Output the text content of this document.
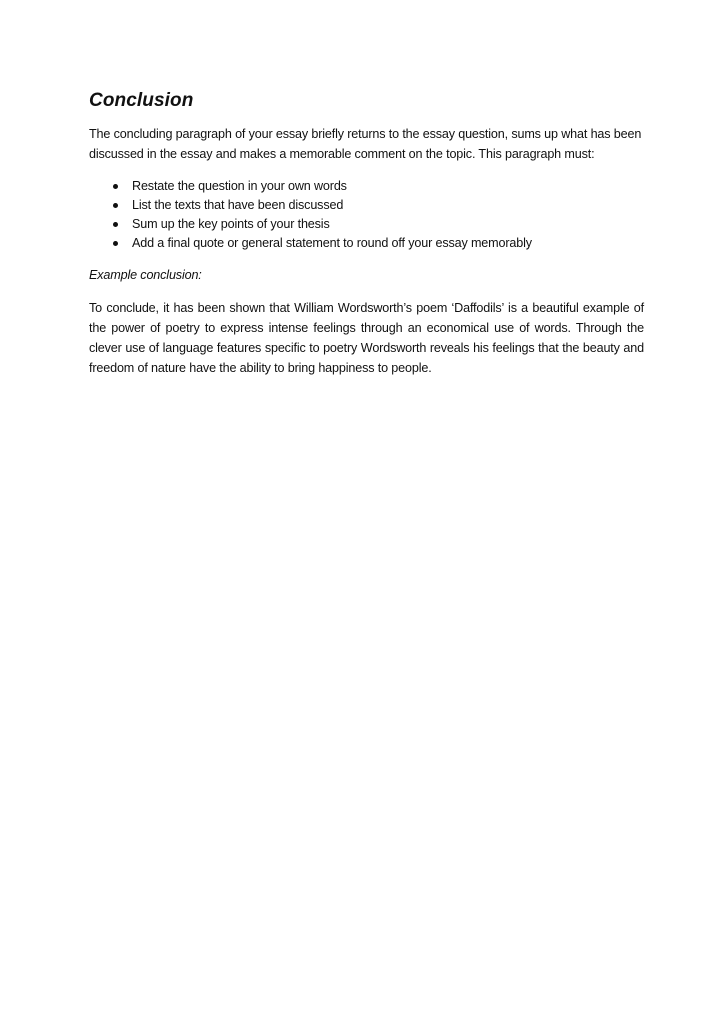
Conclusion

The concluding paragraph of your essay briefly returns to the essay question, sums up what has been discussed in the essay and makes a memorable comment on the topic. This paragraph must:

Restate the question in your own words
List the texts that have been discussed
Sum up the key points of your thesis
Add a final quote or general statement to round off your essay memorably

Example conclusion:

To conclude, it has been shown that William Wordsworth’s poem ‘Daffodils’ is a beautiful example of the power of poetry to express intense feelings through an economical use of words. Through the clever use of language features specific to poetry Wordsworth reveals his feelings that the beauty and freedom of nature have the ability to bring happiness to people.
